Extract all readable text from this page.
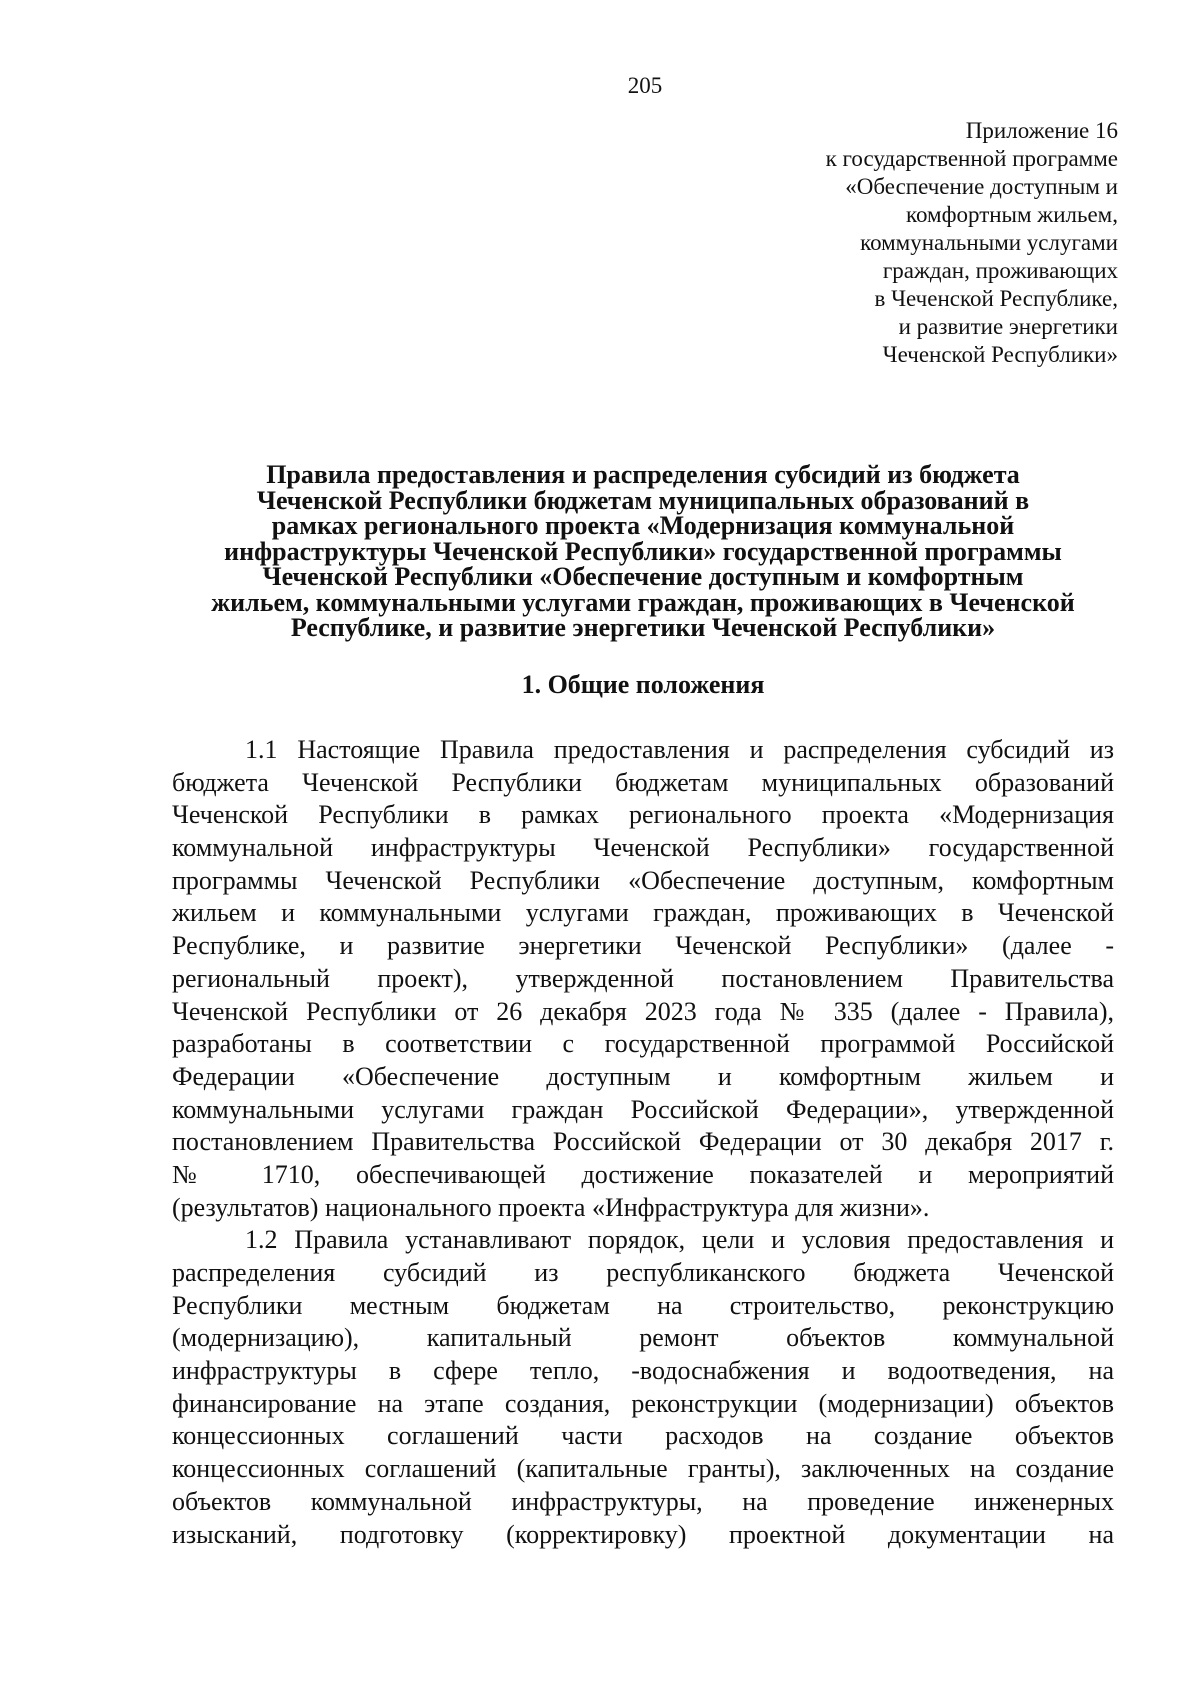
205
Приложение 16
к государственной программе
«Обеспечение доступным и
комфортным жильем,
коммунальными услугами
граждан, проживающих
в Чеченской Республике,
и развитие энергетики
Чеченской Республики»
Правила предоставления и распределения субсидий из бюджета
Чеченской Республики бюджетам муниципальных образований в
рамках регионального проекта «Модернизация коммунальной
инфраструктуры Чеченской Республики» государственной программы
Чеченской Республики «Обеспечение доступным и комфортным
жильем, коммунальными услугами граждан, проживающих в Чеченской
Республике, и развитие энергетики Чеченской Республики»
1. Общие положения
1.1 Настоящие Правила предоставления и распределения субсидий из
бюджета Чеченской Республики бюджетам муниципальных образований
Чеченской Республики в рамках регионального проекта «Модернизация
коммунальной инфраструктуры Чеченской Республики» государственной
программы Чеченской Республики «Обеспечение доступным, комфортным
жильем и коммунальными услугами граждан, проживающих в Чеченской
Республике, и развитие энергетики Чеченской Республики» (далее -
региональный проект), утвержденной постановлением Правительства
Чеченской Республики от 26 декабря 2023 года № 335 (далее - Правила),
разработаны в соответствии с государственной программой Российской
Федерации «Обеспечение доступным и комфортным жильем и
коммунальными услугами граждан Российской Федерации», утвержденной
постановлением Правительства Российской Федерации от 30 декабря 2017 г.
№ 1710, обеспечивающей достижение показателей и мероприятий
(результатов) национального проекта «Инфраструктура для жизни».
1.2 Правила устанавливают порядок, цели и условия предоставления и
распределения субсидий из республиканского бюджета Чеченской
Республики местным бюджетам на строительство, реконструкцию
(модернизацию), капитальный ремонт объектов коммунальной
инфраструктуры в сфере тепло, -водоснабжения и водоотведения, на
финансирование на этапе создания, реконструкции (модернизации) объектов
концессионных соглашений части расходов на создание объектов
концессионных соглашений (капитальные гранты), заключенных на создание
объектов коммунальной инфраструктуры, на проведение инженерных
изысканий, подготовку (корректировку) проектной документации на
